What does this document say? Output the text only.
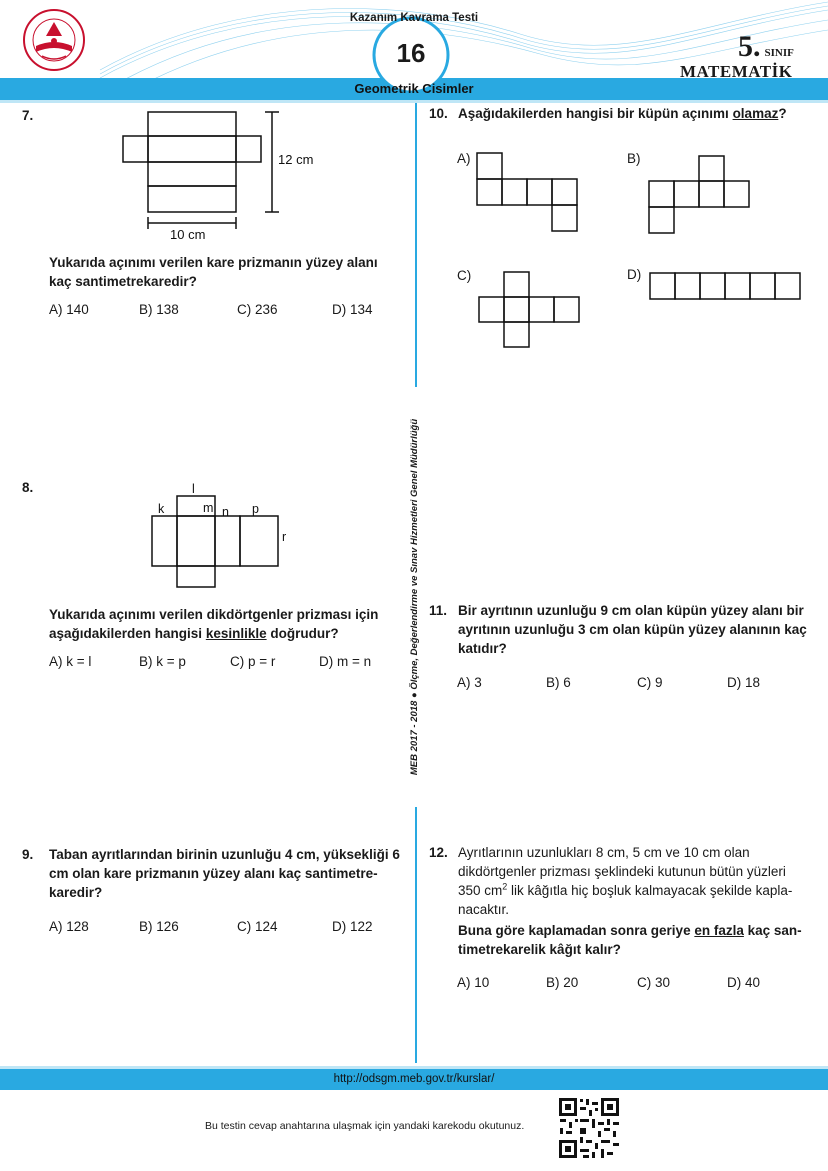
Kazanım Kavrama Testi
16
Geometrik Cisimler
5. SINIF
MATEMATİK
MEB 2017 - 2018 ● Ölçme, Değerlendirme ve Sınav Hizmetleri Genel Müdürlüğü
7.
12 cm
10 cm
Yukarıda açınımı verilen kare prizmanın yüzey alanı kaç santimetrekaredir?
A) 140	B) 138	C) 236	D) 134
8.	l
k	m n p
r
Yukarıda açınımı verilen dikdörtgenler prizması için aşağıdakilerden hangisi kesinlikle doğrudur?
A) k = l	B) k = p	C) p = r	D) m = n
9. Taban ayrıtlarından birinin uzunluğu 4 cm, yüksekliği 6 cm olan kare prizmanın yüzey alanı kaç santimetre-karedir?
A) 128	B) 126	C) 124	D) 122
10. Aşağıdakilerden hangisi bir küpün açınımı olamaz?
A)	B)
C)	D)
11. Bir ayrıtının uzunluğu 9 cm olan küpün yüzey alanı bir ayrıtının uzunluğu 3 cm olan küpün yüzey alanının kaç katıdır?
A) 3	B) 6	C) 9	D) 18
12. Ayrıtlarının uzunlukları 8 cm, 5 cm ve 10 cm olan dikdörtgenler prizması şeklindeki kutunun bütün yüzleri 350 $cm^2$ lik kâğıtla hiç boşluk kalmayacak şekilde kapla-nacaktır.
Buna göre kaplamadan sonra geriye en fazla kaç san-timetrekarelik kâğıt kalır?
A) 10	B) 20	C) 30	D) 40
http://odsgm.meb.gov.tr/kurslar/
Bu testin cevap anahtarına ulaşmak için yandaki karekodu okutunuz.
